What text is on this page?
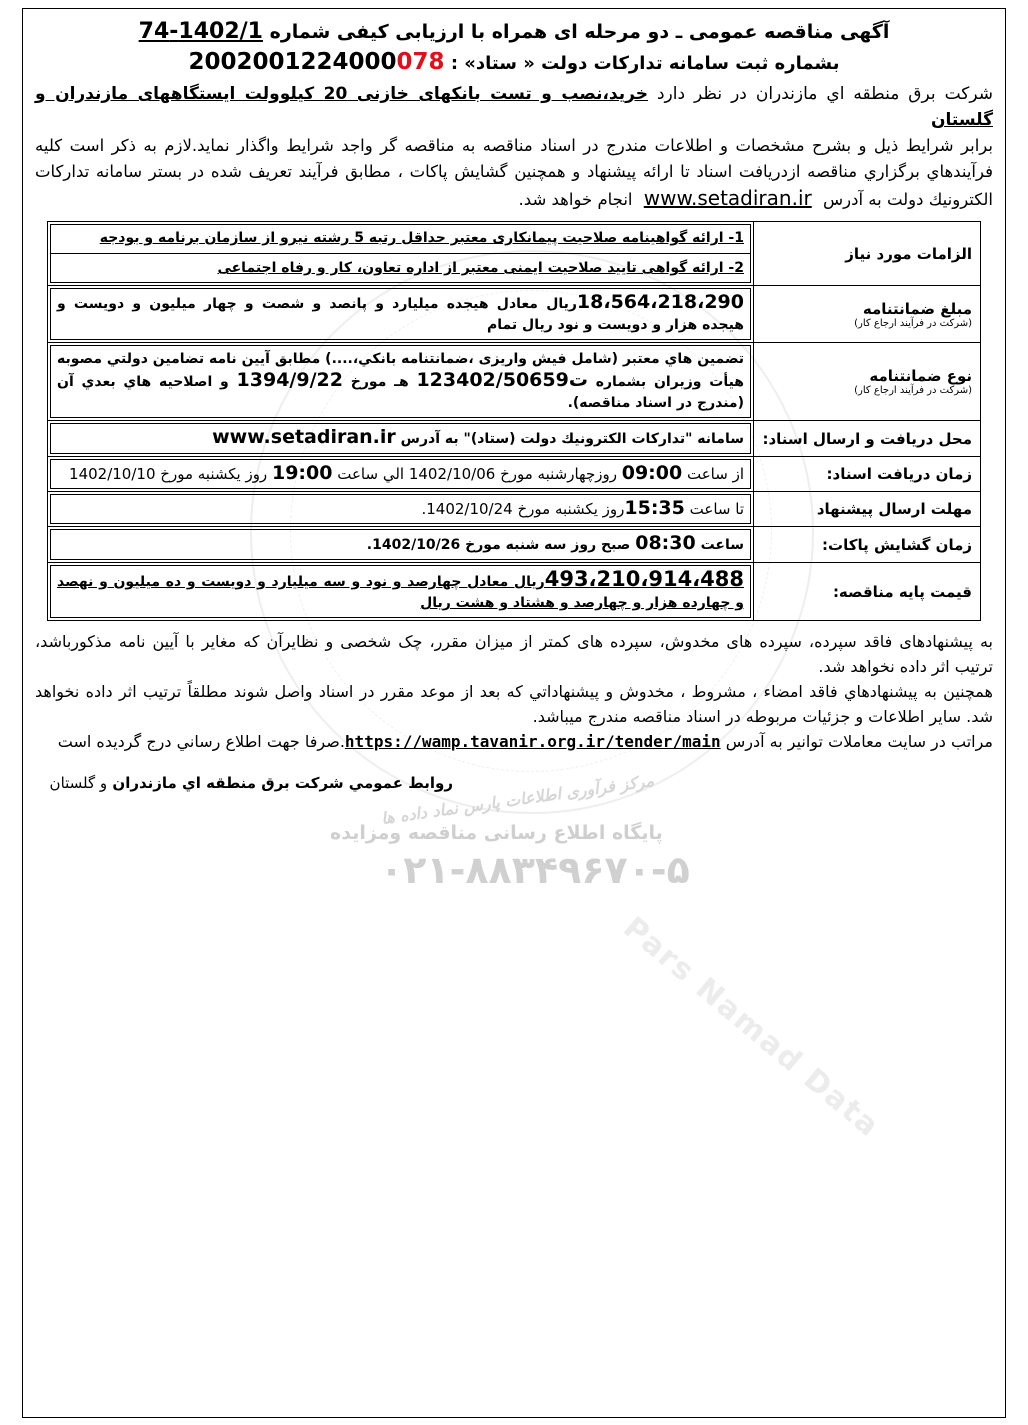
آگهی مناقصه عمومی ـ دو مرحله ای همراه با ارزیابی کیفی شماره 1402/1-74
بشماره ثبت سامانه تدارکات دولت « ستاد» : 2002001224000078
شرکت برق منطقه اي مازندران در نظر دارد خرید،نصب و تست بانکهای خازنی 20 کیلوولت ایستگاههای مازندران و گلستان
برابر شرایط ذیل و بشرح مشخصات و اطلاعات مندرج در اسناد مناقصه به مناقصه گر واجد شرایط واگذار نماید.لازم به ذکر است کلیه فرآیندهاي برگزاري مناقصه ازدریافت اسناد تا ارائه پیشنهاد و همچنین گشایش پاکات ، مطابق فرآیند تعریف شده در بستر سامانه تدارکات الکترونیك دولت به آدرس www.setadiran.ir انجام خواهد شد.
الزامات مورد نیاز	1- ارائه گواهینامه صلاحیت پیمانکاری معتبر حداقل رتبه 5 رشته نیرو از سازمان برنامه و بودجه
2- ارائه گواهی تایید صلاحیت ایمنی معتبر از اداره تعاون، کار و رفاه اجتماعی

مبلغ ضمانتنامه
(شرکت در فرآیند ارجاع کار)	18،564،218،290ریال معادل هیجده میلیارد و پانصد و شصت و چهار میلیون و دویست و هیجده هزار و دویست و نود ریال تمام

نوع ضمانتنامه
(شرکت در فرآیند ارجاع کار)	تضمین هاي معتبر (شامل فیش واریزی ،ضمانتنامه بانكي،....) مطابق آیین نامه تضامین دولتي مصوبه هیأت وزیران بشماره 123402/ت50659 هـ مورخ 1394/9/22 و اصلاحیه هاي بعدي آن (مندرج در اسناد مناقصه).

محل دریافت و ارسال اسناد:	سامانه "تدارکات الکترونیك دولت (ستاد)" به آدرس www.setadiran.ir

زمان دریافت اسناد:	از ساعت 09:00 روزچهارشنبه مورخ 1402/10/06 الي ساعت 19:00 روز یکشنبه مورخ 1402/10/10

مهلت ارسال پیشنهاد	تا ساعت 15:35روز یکشنبه مورخ 1402/10/24.

زمان گشایش پاکات:	ساعت 08:30 صبح روز سه شنبه مورخ 1402/10/26.

قیمت پایه مناقصه:	493،210،914،488ریال معادل چهارصد و نود و سه میلیارد و دویست و ده میلیون و نهصد و چهارده هزار و چهارصد و هشتاد و هشت ریال
به پیشنهادهای فاقد سپرده، سپرده های مخدوش، سپرده های کمتر از میزان مقرر، چک شخصی و نظایرآن که مغایر با آیین نامه مذکورباشد، ترتیب اثر داده نخواهد شد.
همچنین به پیشنهادهاي فاقد امضاء ، مشروط ، مخدوش و پیشنهاداتي که بعد از موعد مقرر در اسناد واصل شوند مطلقاً ترتیب اثر داده نخواهد شد. سایر اطلاعات و جزئیات مربوطه در اسناد مناقصه مندرج میباشد.
مراتب در سایت معاملات توانیر به آدرس https://wamp.tavanir.org.ir/tender/main.صرفا جهت اطلاع رساني درج گردیده است
روابط عمومي شرکت برق منطقه اي مازندران و گلستان	مرکز فرآوری اطلاعات پارس نماد داده ها
پایگاه اطلاع رسانی مناقصه ومزایده
۰۲۱-۸۸۳۴۹۶۷۰-۵
Pars Namad Data
